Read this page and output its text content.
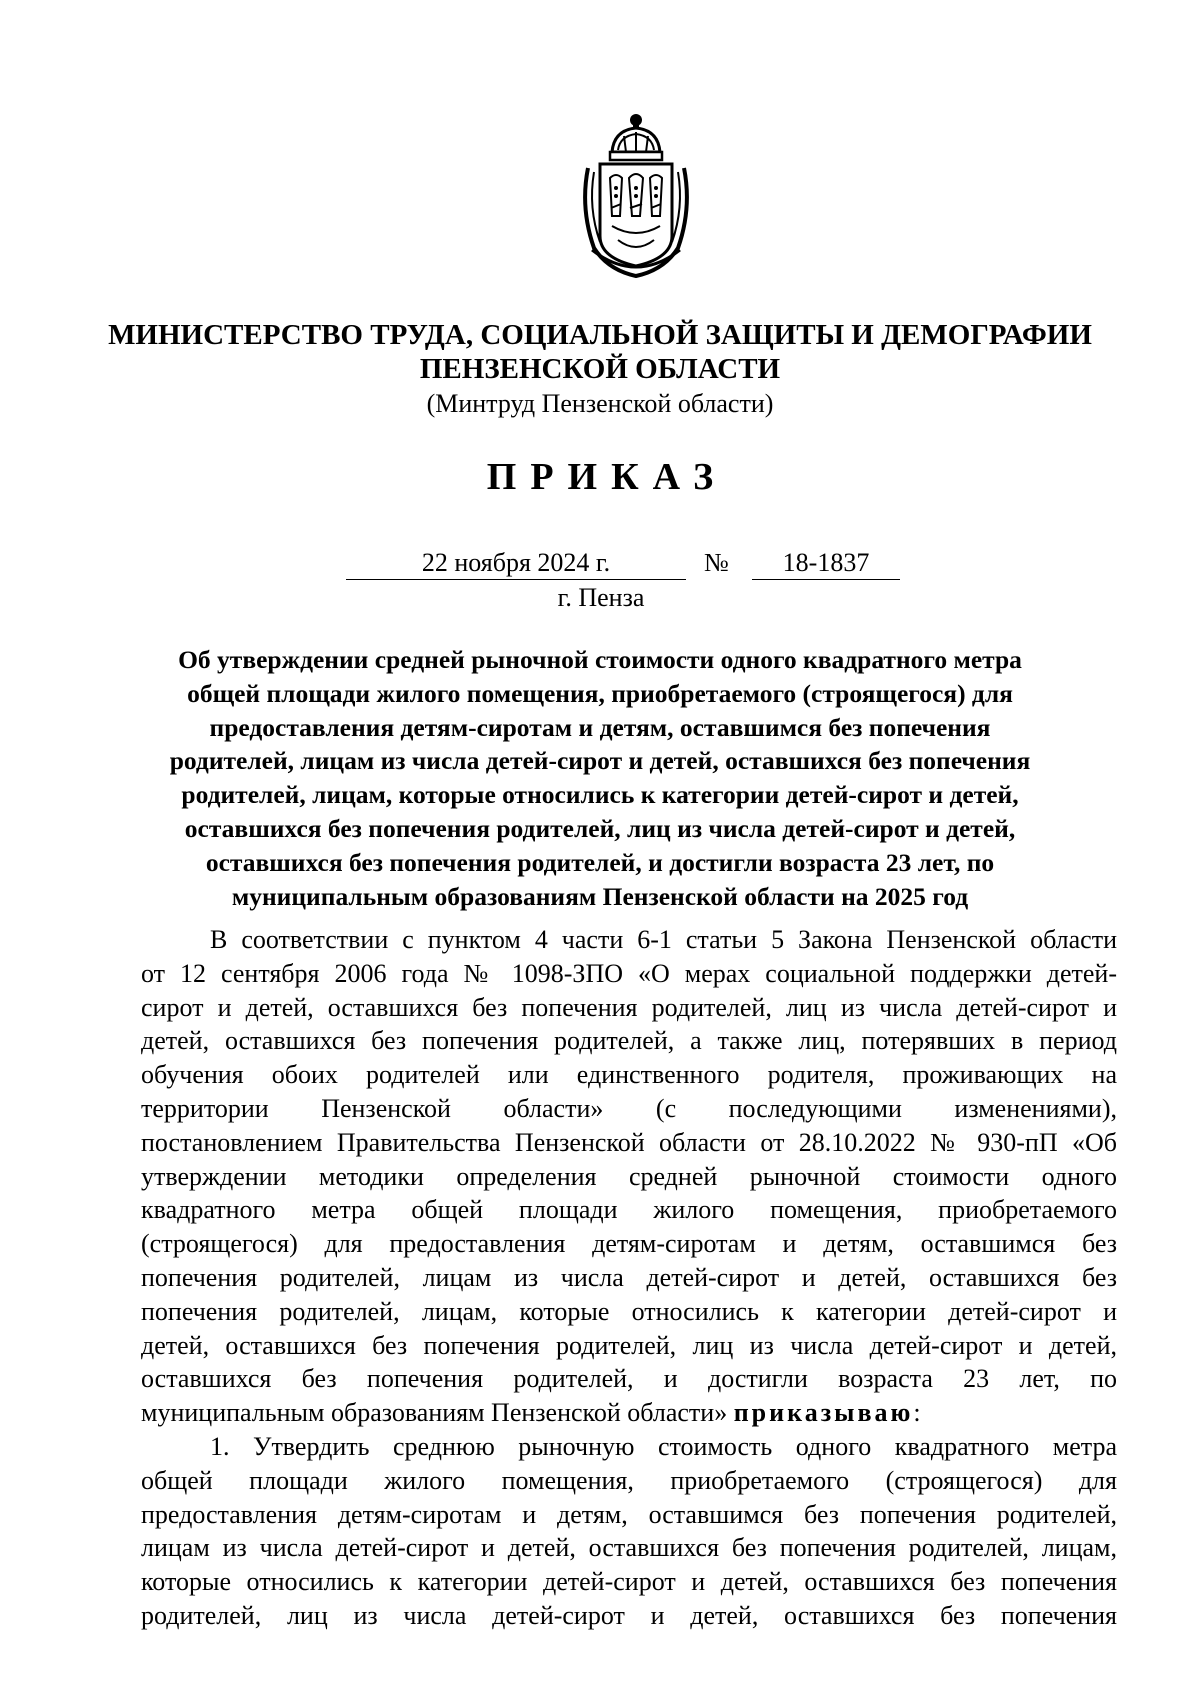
МИНИСТЕРСТВО ТРУДА, СОЦИАЛЬНОЙ ЗАЩИТЫ И ДЕМОГРАФИИ
ПЕНЗЕНСКОЙ ОБЛАСТИ
(Минтруд Пензенской области)
ПРИКАЗ
22 ноября 2024 г.	№	18-1837
г. Пенза
Об утверждении средней рыночной стоимости одного квадратного метра
общей площади жилого помещения, приобретаемого (строящегося) для
предоставления детям-сиротам и детям, оставшимся без попечения
родителей, лицам из числа детей-сирот и детей, оставшихся без попечения
родителей, лицам, которые относились к категории детей-сирот и детей,
оставшихся без попечения родителей, лиц из числа детей-сирот и детей,
оставшихся без попечения родителей, и достигли возраста 23 лет, по
муниципальным образованиям Пензенской области на 2025 год
В соответствии с пунктом 4 части 6-1 статьи 5 Закона Пензенской области
от 12 сентября 2006 года № 1098-ЗПО «О мерах социальной поддержки детей-
сирот и детей, оставшихся без попечения родителей, лиц из числа детей-сирот и
детей, оставшихся без попечения родителей, а также лиц, потерявших в период
обучения обоих родителей или единственного родителя, проживающих на
территории Пензенской области» (с последующими изменениями),
постановлением Правительства Пензенской области от 28.10.2022 № 930-пП «Об
утверждении методики определения средней рыночной стоимости одного
квадратного метра общей площади жилого помещения, приобретаемого
(строящегося) для предоставления детям-сиротам и детям, оставшимся без
попечения родителей, лицам из числа детей-сирот и детей, оставшихся без
попечения родителей, лицам, которые относились к категории детей-сирот и
детей, оставшихся без попечения родителей, лиц из числа детей-сирот и детей,
оставшихся без попечения родителей, и достигли возраста 23 лет, по
муниципальным образованиям Пензенской области» приказываю:
1. Утвердить среднюю рыночную стоимость одного квадратного метра
общей площади жилого помещения, приобретаемого (строящегося) для
предоставления детям-сиротам и детям, оставшимся без попечения родителей,
лицам из числа детей-сирот и детей, оставшихся без попечения родителей, лицам,
которые относились к категории детей-сирот и детей, оставшихся без попечения
родителей, лиц из числа детей-сирот и детей, оставшихся без попечения
